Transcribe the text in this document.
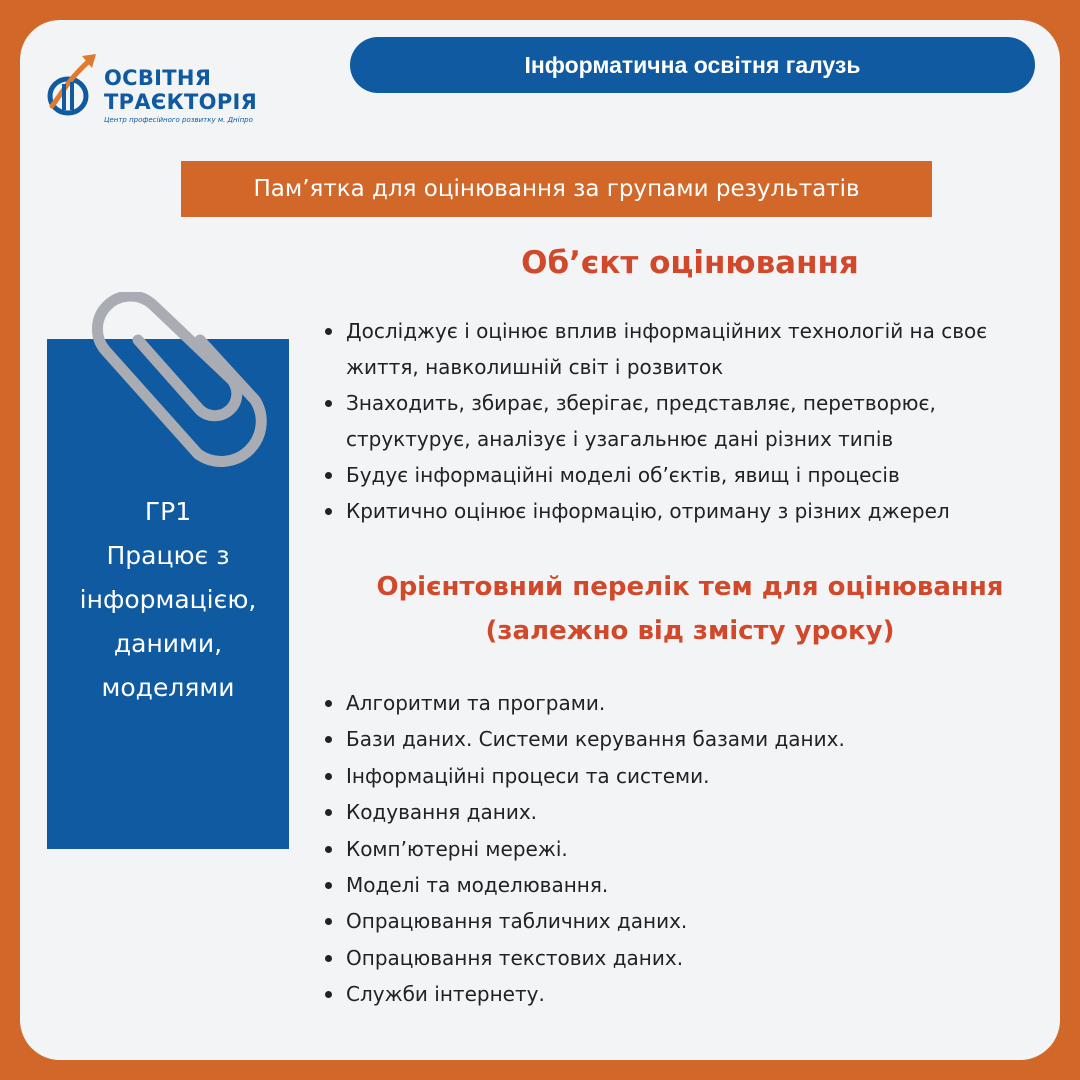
ОСВІТНЯ
ТРАЄКТОРІЯ
Центр професійного розвитку м. Дніпро
Інформатична освітня галузь
Пам’ятка для оцінювання за групами результатів
ГР1
Працює з
інформацією,
даними,
моделями
Об’єкт оцінювання
Досліджує і оцінює вплив інформаційних технологій на своє життя, навколишній світ і розвиток
Знаходить, збирає, зберігає, представляє, перетворює, структурує, аналізує і узагальнює дані різних типів
Будує інформаційні моделі об’єктів, явищ і процесів
Критично оцінює інформацію, отриману з різних джерел
Орієнтовний перелік тем для оцінювання
(залежно від змісту уроку)
Алгоритми та програми.
Бази даних. Системи керування базами даних.
Інформаційні процеси та системи.
Кодування даних.
Комп’ютерні мережі.
Моделі та моделювання.
Опрацювання табличних даних.
Опрацювання текстових даних.
Служби інтернету.
